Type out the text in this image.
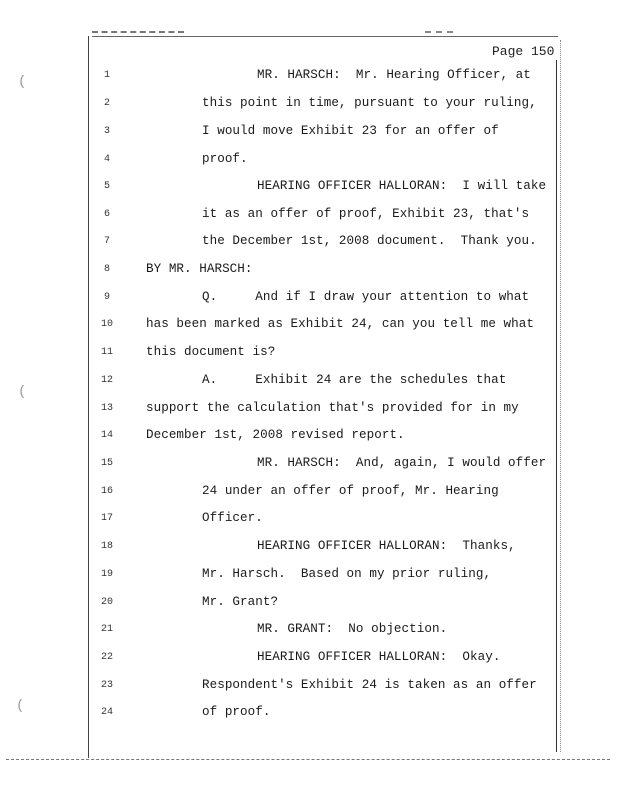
(
(
(
Page 150
1	MR. HARSCH:  Mr. Hearing Officer, at
2	this point in time, pursuant to your ruling,
3	I would move Exhibit 23 for an offer of
4	proof.
5	HEARING OFFICER HALLORAN:  I will take
6	it as an offer of proof, Exhibit 23, that's
7	the December 1st, 2008 document.  Thank you.
8	BY MR. HARSCH:
9	Q.     And if I draw your attention to what
10	has been marked as Exhibit 24, can you tell me what
11	this document is?
12	A.     Exhibit 24 are the schedules that
13	support the calculation that's provided for in my
14	December 1st, 2008 revised report.
15	MR. HARSCH:  And, again, I would offer
16	24 under an offer of proof, Mr. Hearing
17	Officer.
18	HEARING OFFICER HALLORAN:  Thanks,
19	Mr. Harsch.  Based on my prior ruling,
20	Mr. Grant?
21	MR. GRANT:  No objection.
22	HEARING OFFICER HALLORAN:  Okay.
23	Respondent's Exhibit 24 is taken as an offer
24	of proof.
